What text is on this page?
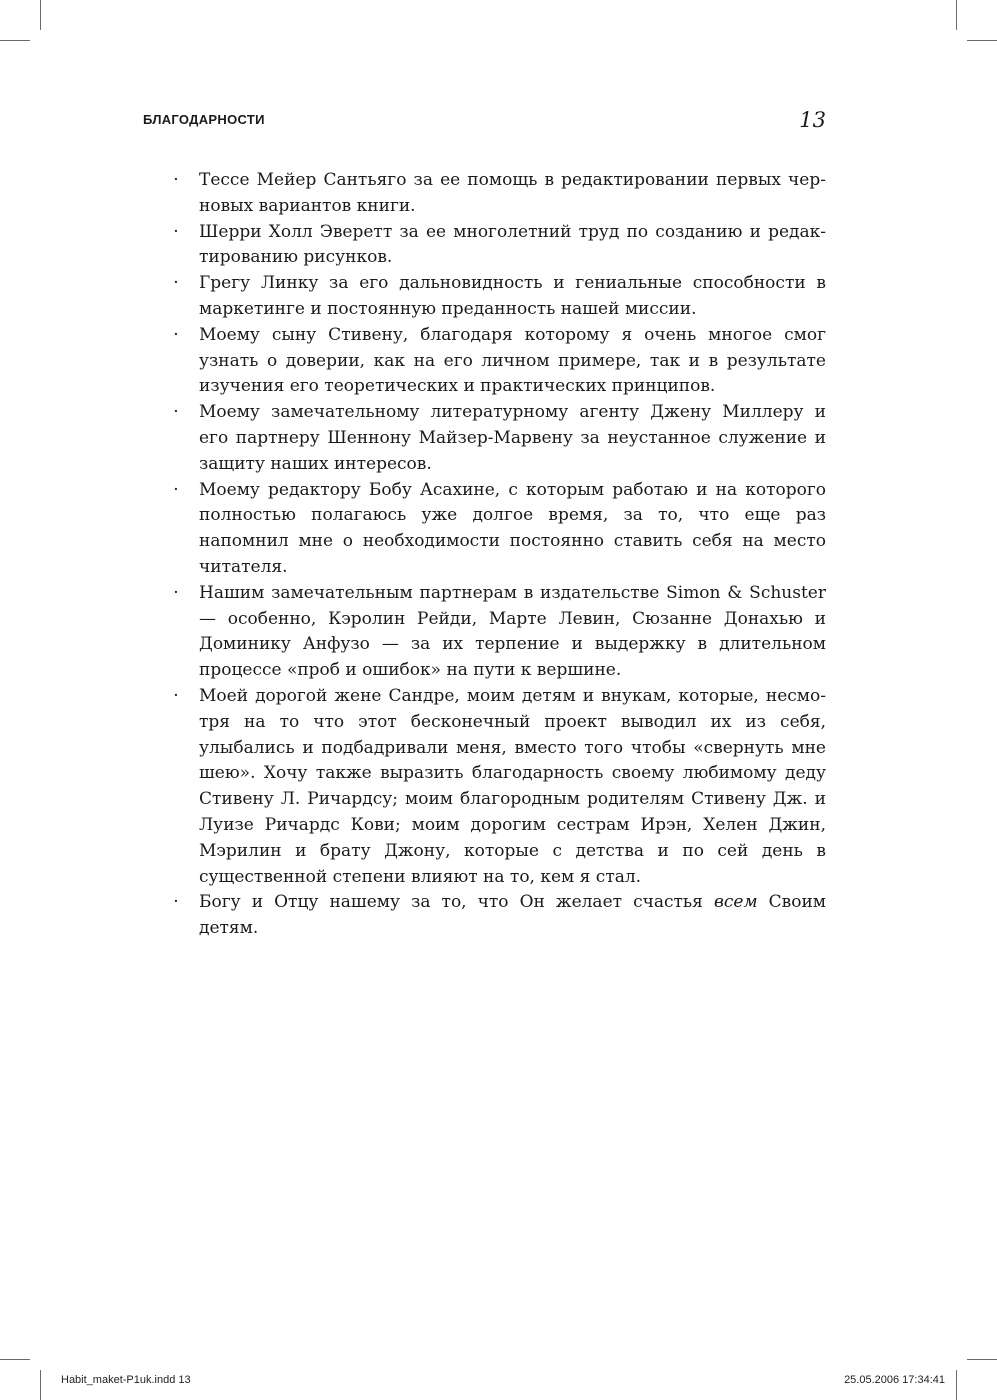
БЛАГОДАРНОСТИ	13
· Тессе Мейер Сантьяго за ее помощь в редактировании первых черновых вариантов книги.
· Шерри Холл Эверетт за ее многолетний труд по созданию и редактированию рисунков.
· Грегу Линку за его дальновидность и гениальные способности в маркетинге и постоянную преданность нашей миссии.
· Моему сыну Стивену, благодаря которому я очень многое смог узнать о доверии, как на его личном примере, так и в результате изучения его теоретических и практических принципов.
· Моему замечательному литературному агенту Джену Миллеру и его партнеру Шеннону Майзер-Марвену за неустанное служение и защиту наших интересов.
· Моему редактору Бобу Асахине, с которым работаю и на которого полностью полагаюсь уже долгое время, за то, что еще раз напомнил мне о необходимости постоянно ставить себя на место читателя.
· Нашим замечательным партнерам в издательстве Simon & Schuster — особенно, Кэролин Рейди, Марте Левин, Сюзанне Донахью и Доминику Анфузо — за их терпение и выдержку в длительном процессе «проб и ошибок» на пути к вершине.
· Моей дорогой жене Сандре, моим детям и внукам, которые, несмотря на то что этот бесконечный проект выводил их из себя, улыбались и подбадривали меня, вместо того чтобы «свернуть мне шею». Хочу также выразить благодарность своему любимому деду Стивену Л. Ричардсу; моим благородным родителям Стивену Дж. и Луизе Ричардс Кови; моим дорогим сестрам Ирэн, Хелен Джин, Мэрилин и брату Джону, которые с детства и по сей день в существенной степени влияют на то, кем я стал.
· Богу и Отцу нашему за то, что Он желает счастья всем Своим детям.
Habit_maket-P1uk.indd 13	25.05.2006 17:34:41
